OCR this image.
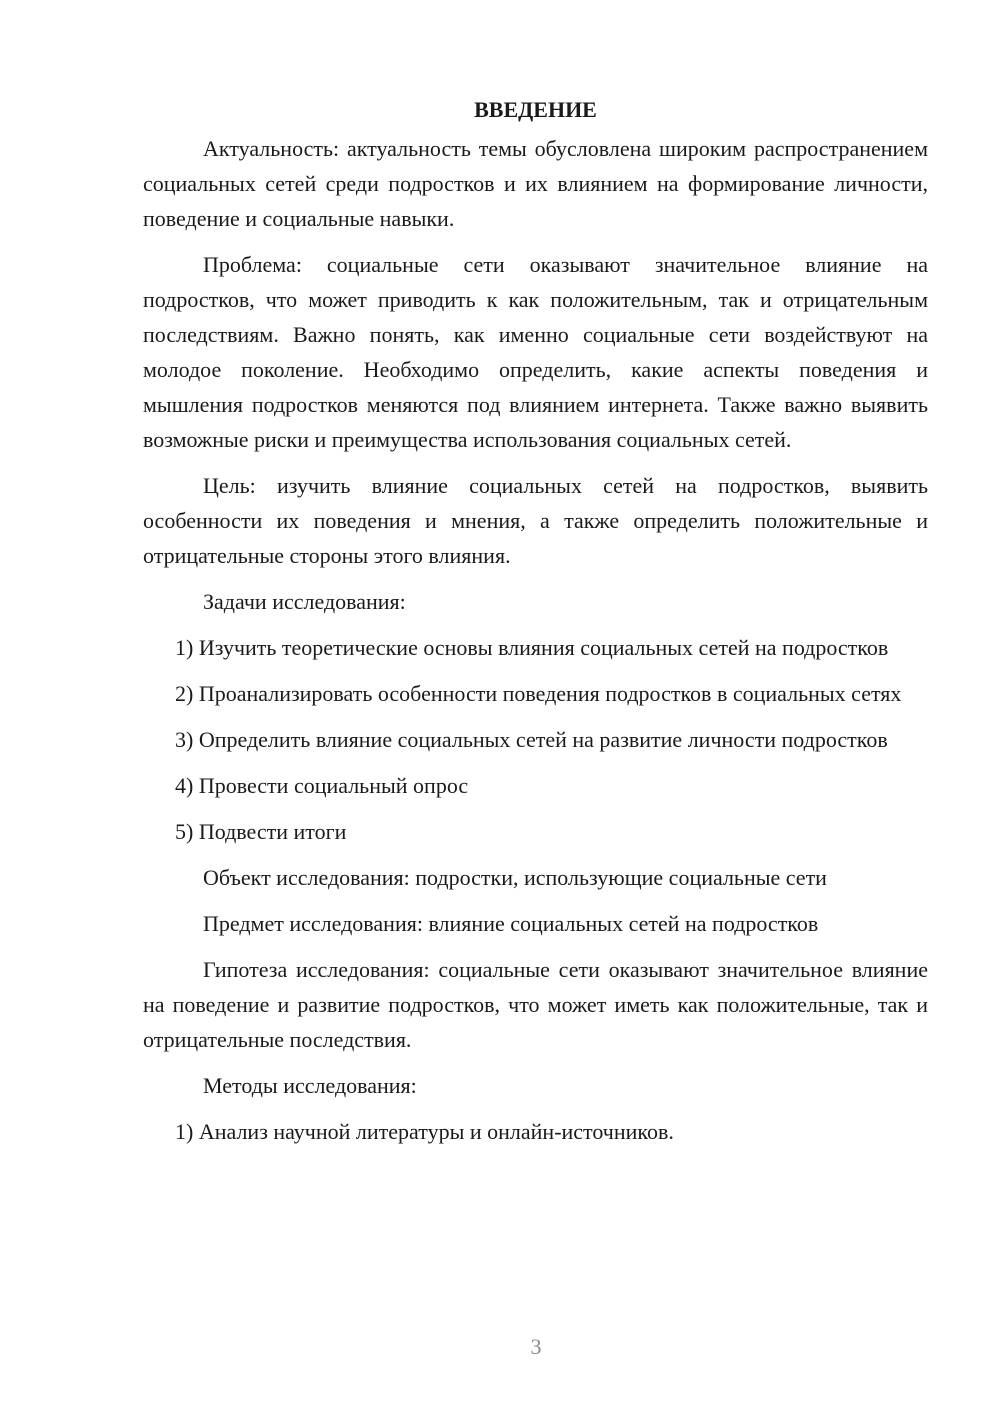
ВВЕДЕНИЕ

Актуальность: актуальность темы обусловлена широким распространением социальных сетей среди подростков и их влиянием на формирование личности, поведение и социальные навыки.

Проблема: социальные сети оказывают значительное влияние на подростков, что может приводить к как положительным, так и отрицательным последствиям. Важно понять, как именно социальные сети воздействуют на молодое поколение. Необходимо определить, какие аспекты поведения и мышления подростков меняются под влиянием интернета. Также важно выявить возможные риски и преимущества использования социальных сетей.

Цель: изучить влияние социальных сетей на подростков, выявить особенности их поведения и мнения, а также определить положительные и отрицательные стороны этого влияния.

Задачи исследования:

1) Изучить теоретические основы влияния социальных сетей на подростков

2) Проанализировать особенности поведения подростков в социальных сетях

3) Определить влияние социальных сетей на развитие личности подростков

4) Провести социальный опрос

5) Подвести итоги

Объект исследования: подростки, использующие социальные сети

Предмет исследования: влияние социальных сетей на подростков

Гипотеза исследования: социальные сети оказывают значительное влияние на поведение и развитие подростков, что может иметь как положительные, так и отрицательные последствия.

Методы исследования:

1) Анализ научной литературы и онлайн-источников.

3
